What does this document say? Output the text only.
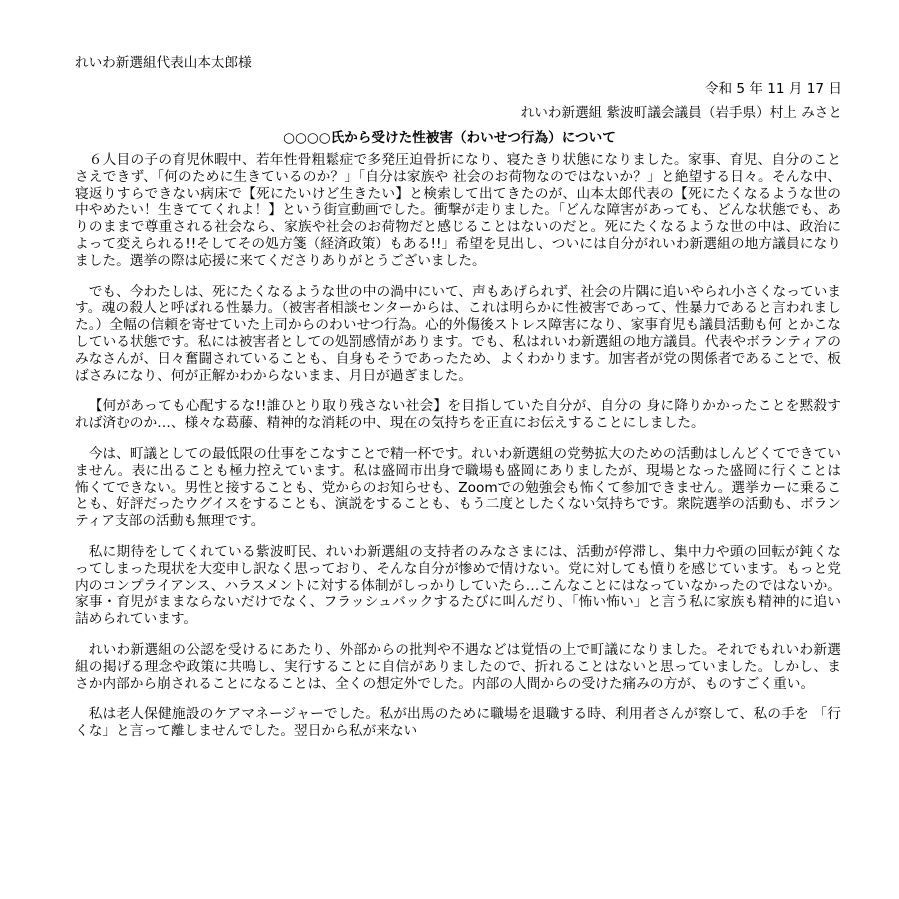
れいわ新選組代表山本太郎様
令和 5 年 11 月 17 日
れいわ新選組 紫波町議会議員（岩手県）村上 みさと
○○○○氏から受けた性被害（わいせつ行為）について

６人目の子の育児休暇中、若年性骨粗鬆症で多発圧迫骨折になり、寝たきり状態になりました。家事、育児、自分のことさえできず、「何のために生きているのか？」「自分は家族や 社会のお荷物なのではないか？」と絶望する日々。そんな中、寝返りすらできない病床で【死にたいけど生きたい】と検索して出てきたのが、山本太郎代表の【死にたくなるような世の中やめたい！生きててくれよ！】という街宣動画でした。衝撃が走りました。「どんな障害があっても、どんな状態でも、ありのままで尊重される社会なら、家族や社会のお荷物だと感じることはないのだと。死にたくなるような世の中は、政治によって変えられる!!そしてその処方箋（経済政策）もある!!」希望を見出し、ついには自分がれいわ新選組の地方議員になりました。選挙の際は応援に来てくださりありがとうございました。

でも、今わたしは、死にたくなるような世の中の渦中にいて、声もあげられず、社会の片隅に追いやられ小さくなっています。魂の殺人と呼ばれる性暴力。（被害者相談センターからは、これは明らかに性被害であって、性暴力であると言われました。）全幅の信頼を寄せていた上司からのわいせつ行為。心的外傷後ストレス障害になり、家事育児も議員活動も何 とかこなしている状態です。私には被害者としての処罰感情があります。でも、私はれいわ新選組の地方議員。代表やボランティアのみなさんが、日々奮闘されていることも、自身もそうであったため、よくわかります。加害者が党の関係者であることで、板ばさみになり、何が正解かわからないまま、月日が過ぎました。

【何があっても心配するな!!誰ひとり取り残さない社会】を目指していた自分が、自分の 身に降りかかったことを黙殺すれば済むのか…、様々な葛藤、精神的な消耗の中、現在の気持ちを正直にお伝えすることにしました。

今は、町議としての最低限の仕事をこなすことで精一杯です。れいわ新選組の党勢拡大のための活動はしんどくてできていません。表に出ることも極力控えています。私は盛岡市出身で職場も盛岡にありましたが、現場となった盛岡に行くことは怖くてできない。男性と接することも、党からのお知らせも、Zoomでの勉強会も怖くて参加できません。選挙カーに乗ることも、好評だったウグイスをすることも、演説をすることも、もう二度としたくない気持ちです。衆院選挙の活動も、ボランティア支部の活動も無理です。

私に期待をしてくれている紫波町民、れいわ新選組の支持者のみなさまには、活動が停滞し、集中力や頭の回転が鈍くなってしまった現状を大変申し訳なく思っており、そんな自分が惨めで情けない。党に対しても憤りを感じています。もっと党内のコンプライアンス、ハラスメントに対する体制がしっかりしていたら…こんなことにはなっていなかったのではないか。家事・育児がままならないだけでなく、フラッシュバックするたびに叫んだり、「怖い怖い」と言う私に家族も精神的に追い詰められています。

れいわ新選組の公認を受けるにあたり、外部からの批判や不遇などは覚悟の上で町議になりました。それでもれいわ新選組の掲げる理念や政策に共鳴し、実行することに自信がありましたので、折れることはないと思っていました。しかし、まさか内部から崩されることになることは、全くの想定外でした。内部の人間からの受けた痛みの方が、ものすごく重い。

私は老人保健施設のケアマネージャーでした。私が出馬のために職場を退職する時、利用者さんが察して、私の手を 「行くな」と言って離しませんでした。翌日から私が来ない
